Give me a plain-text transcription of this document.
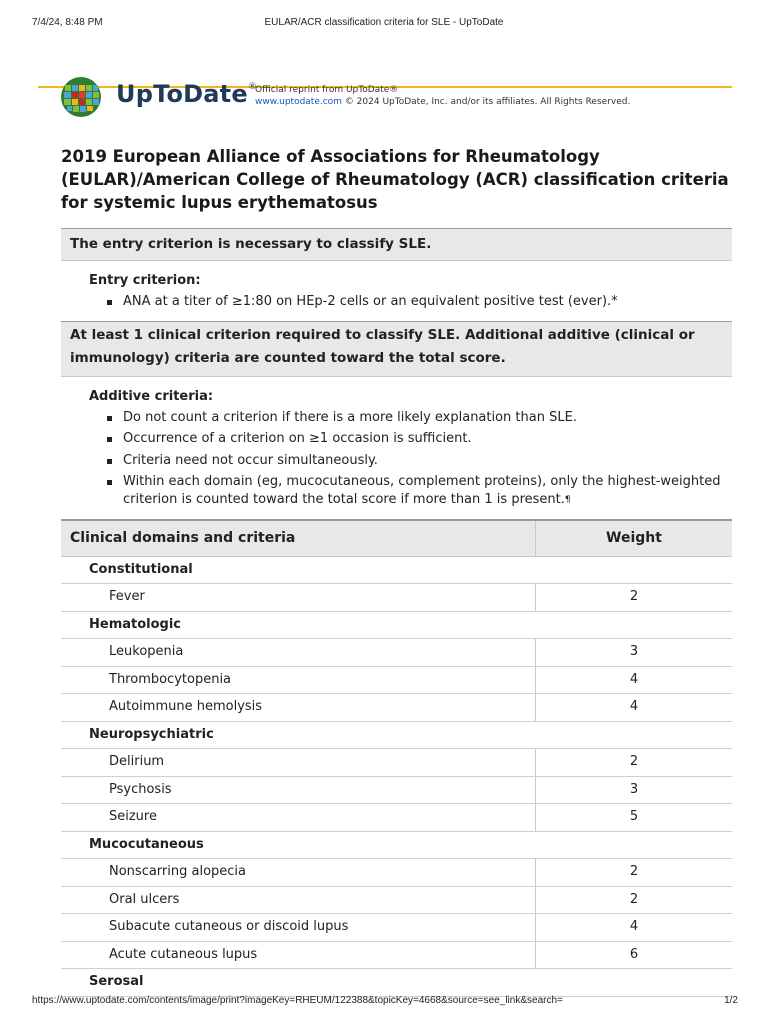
7/4/24, 8:48 PM	EULAR/ACR classification criteria for SLE - UpToDate
UpToDate®
Official reprint from UpToDate®
www.uptodate.com © 2024 UpToDate, Inc. and/or its affiliates. All Rights Reserved.
2019 European Alliance of Associations for Rheumatology (EULAR)/American College of Rheumatology (ACR) classification criteria for systemic lupus erythematosus
The entry criterion is necessary to classify SLE.
Entry criterion:
ANA at a titer of ≥1:80 on HEp-2 cells or an equivalent positive test (ever).*
At least 1 clinical criterion required to classify SLE. Additional additive (clinical or immunology) criteria are counted toward the total score.
Additive criteria:
Do not count a criterion if there is a more likely explanation than SLE.
Occurrence of a criterion on ≥1 occasion is sufficient.
Criteria need not occur simultaneously.
Within each domain (eg, mucocutaneous, complement proteins), only the highest-weighted criterion is counted toward the total score if more than 1 is present.¶
Clinical domains and criteria	Weight
Constitutional
Fever	2
Hematologic
Leukopenia	3
Thrombocytopenia	4
Autoimmune hemolysis	4
Neuropsychiatric
Delirium	2
Psychosis	3
Seizure	5
Mucocutaneous
Nonscarring alopecia	2
Oral ulcers	2
Subacute cutaneous or discoid lupus	4
Acute cutaneous lupus	6
Serosal
https://www.uptodate.com/contents/image/print?imageKey=RHEUM/122388&topicKey=4668&source=see_link&search=	1/2
